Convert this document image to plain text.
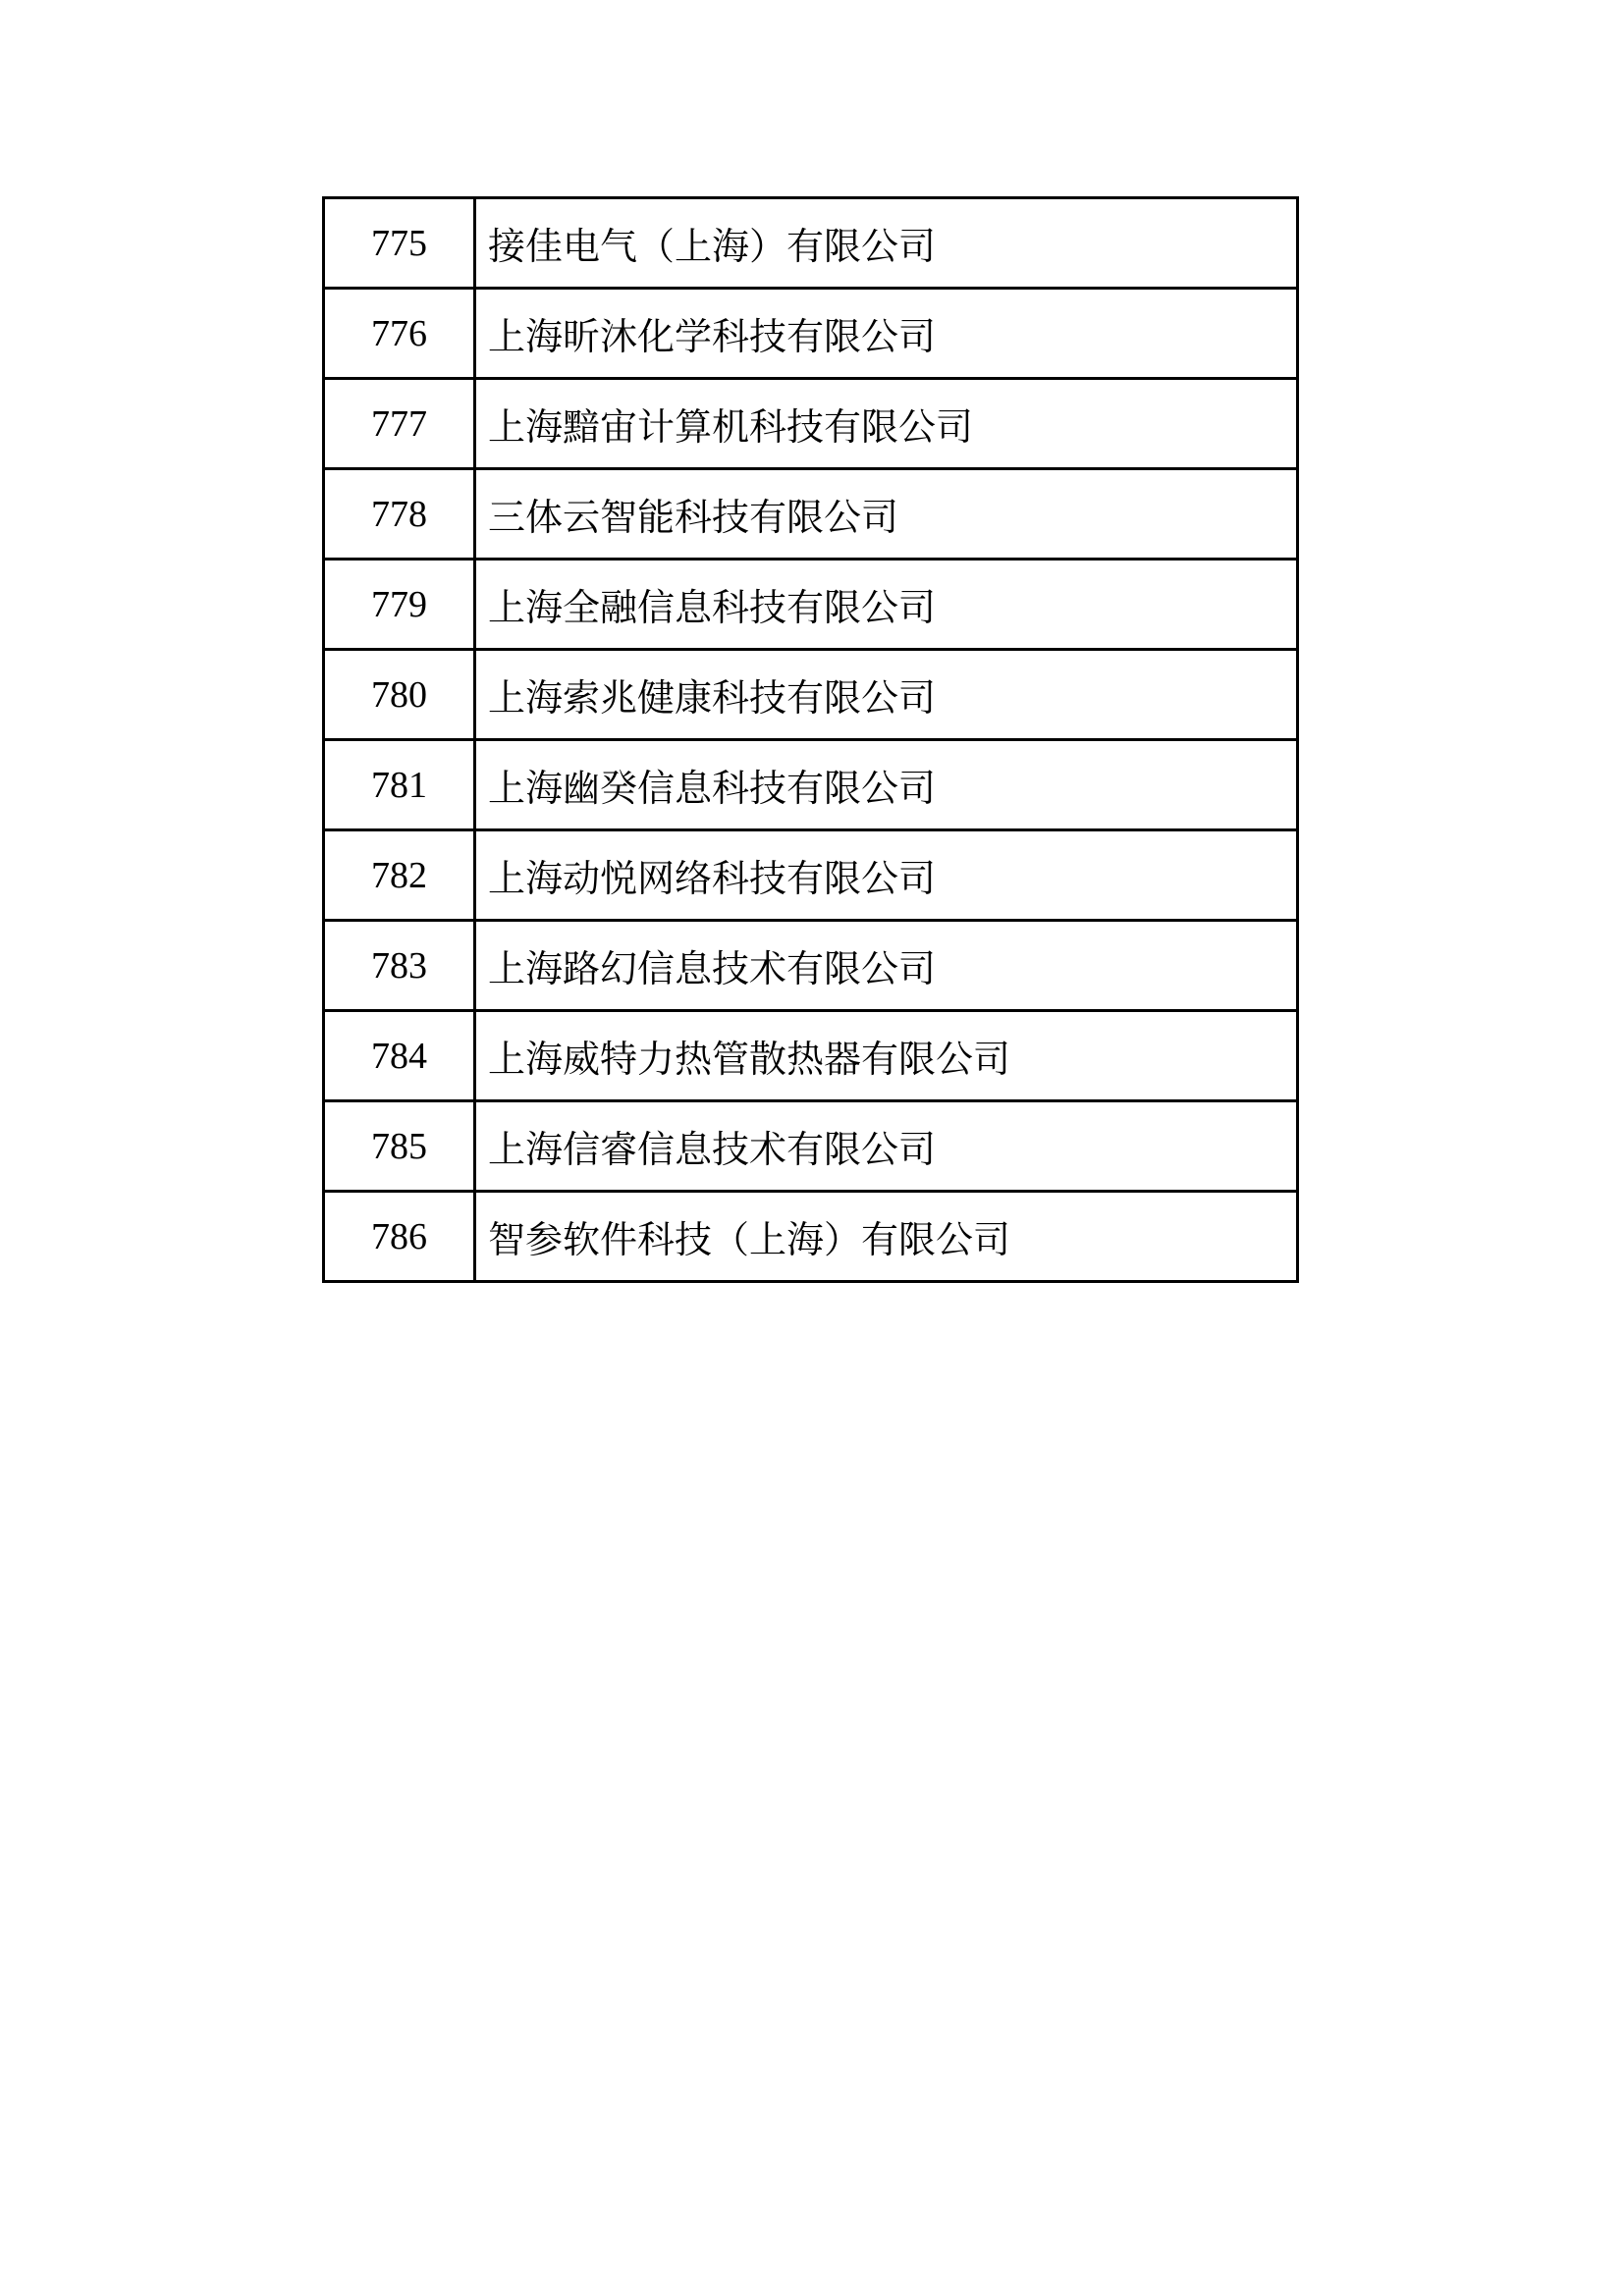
775	接佳电气（上海）有限公司
776	上海昕沐化学科技有限公司
777	上海黯宙计算机科技有限公司
778	三体云智能科技有限公司
779	上海全融信息科技有限公司
780	上海索兆健康科技有限公司
781	上海幽癸信息科技有限公司
782	上海动悦网络科技有限公司
783	上海路幻信息技术有限公司
784	上海威特力热管散热器有限公司
785	上海信睿信息技术有限公司
786	智参软件科技（上海）有限公司
